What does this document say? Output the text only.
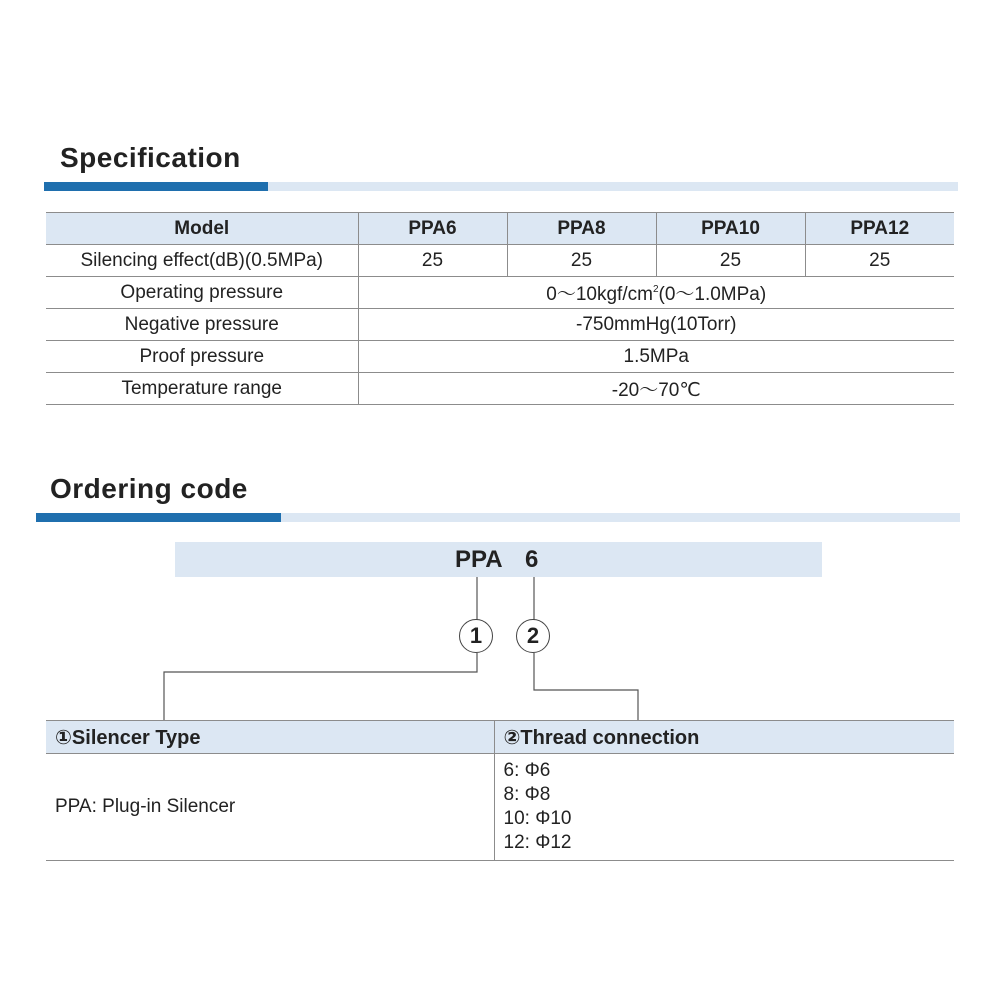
Specification
Model	PPA6	PPA8	PPA10	PPA12
Silencing effect(dB)(0.5MPa)	25	25	25	25
Operating pressure	$0\sim 10kgf/cm^2(0\sim 1.0MPa)$			
Negative pressure	-750mmHg(10Torr)			
Proof pressure	1.5MPa			
Temperature range	-20～70℃			
Ordering code
PPA 6
1	2
①Silencer Type	②Thread connection
PPA: Plug-in Silencer	6: Φ6
8: Φ8
10: Φ10
12: Φ12
